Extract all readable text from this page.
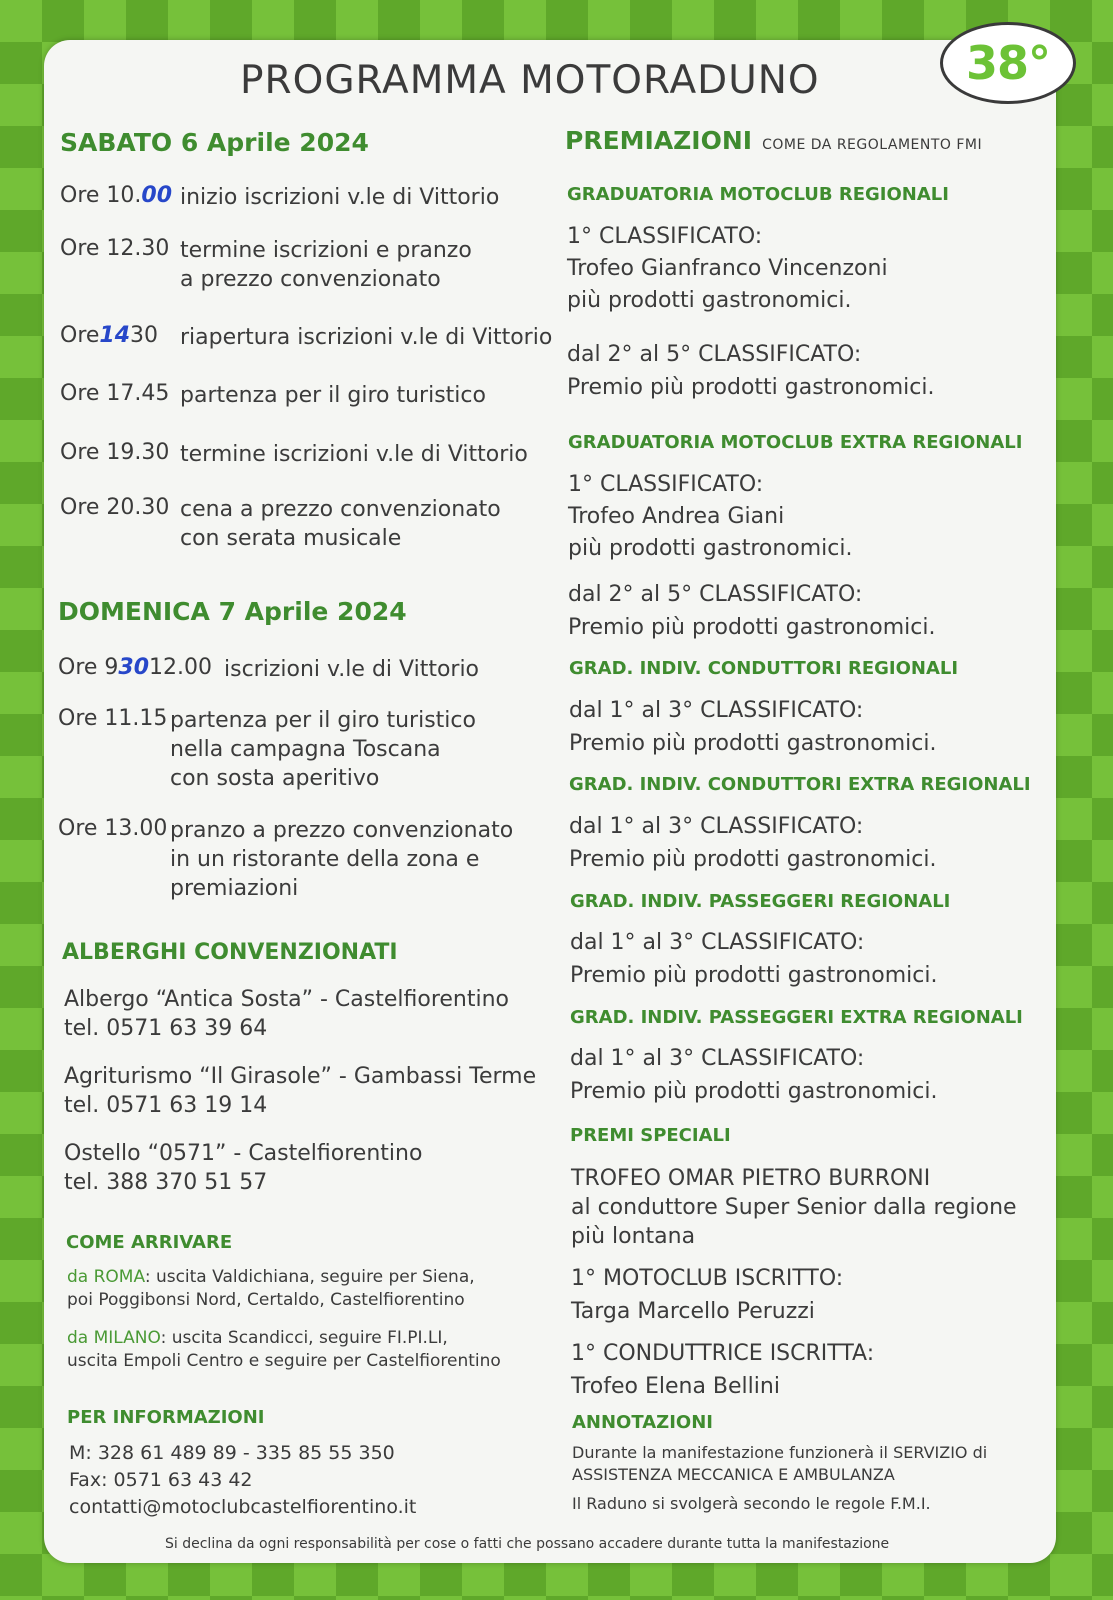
38°
PROGRAMMA MOTORADUNO
SABATO 6 Aprile 2024
Ore 10.00 inizio iscrizioni v.le di Vittorio
Ore 12.30 termine iscrizioni e pranzo
a prezzo convenzionato
Ore1430 riapertura iscrizioni v.le di Vittorio
Ore 17.45 partenza per il giro turistico
Ore 19.30 termine iscrizioni v.le di Vittorio
Ore 20.30 cena a prezzo convenzionato
con serata musicale
DOMENICA 7 Aprile 2024
Ore 93012.00 iscrizioni v.le di Vittorio
Ore 11.15 partenza per il giro turistico
nella campagna Toscana
con sosta aperitivo
Ore 13.00 pranzo a prezzo convenzionato
in un ristorante della zona e
premiazioni
ALBERGHI CONVENZIONATI
Albergo “Antica Sosta” - Castelfiorentino
tel. 0571 63 39 64
Agriturismo “Il Girasole” - Gambassi Terme
tel. 0571 63 19 14
Ostello “0571” - Castelfiorentino
tel. 388 370 51 57
COME ARRIVARE
da ROMA: uscita Valdichiana, seguire per Siena,
poi Poggibonsi Nord, Certaldo, Castelfiorentino
da MILANO: uscita Scandicci, seguire FI.PI.LI,
uscita Empoli Centro e seguire per Castelfiorentino
PER INFORMAZIONI
M: 328 61 489 89 - 335 85 55 350
Fax: 0571 63 43 42
contatti@motoclubcastelfiorentino.it
PREMIAZIONI COME DA REGOLAMENTO FMI
GRADUATORIA MOTOCLUB REGIONALI
1° CLASSIFICATO:
Trofeo Gianfranco Vincenzoni
più prodotti gastronomici.
dal 2° al 5° CLASSIFICATO:
Premio più prodotti gastronomici.
GRADUATORIA MOTOCLUB EXTRA REGIONALI
1° CLASSIFICATO:
Trofeo Andrea Giani
più prodotti gastronomici.
dal 2° al 5° CLASSIFICATO:
Premio più prodotti gastronomici.
GRAD. INDIV. CONDUTTORI REGIONALI
dal 1° al 3° CLASSIFICATO:
Premio più prodotti gastronomici.
GRAD. INDIV. CONDUTTORI EXTRA REGIONALI
dal 1° al 3° CLASSIFICATO:
Premio più prodotti gastronomici.
GRAD. INDIV. PASSEGGERI REGIONALI
dal 1° al 3° CLASSIFICATO:
Premio più prodotti gastronomici.
GRAD. INDIV. PASSEGGERI EXTRA REGIONALI
dal 1° al 3° CLASSIFICATO:
Premio più prodotti gastronomici.
PREMI SPECIALI
TROFEO OMAR PIETRO BURRONI
al conduttore Super Senior dalla regione
più lontana
1° MOTOCLUB ISCRITTO:
Targa Marcello Peruzzi
1° CONDUTTRICE ISCRITTA:
Trofeo Elena Bellini
ANNOTAZIONI
Durante la manifestazione funzionerà il SERVIZIO di
ASSISTENZA MECCANICA E AMBULANZA
Il Raduno si svolgerà secondo le regole F.M.I.
Si declina da ogni responsabilità per cose o fatti che possano accadere durante tutta la manifestazione
